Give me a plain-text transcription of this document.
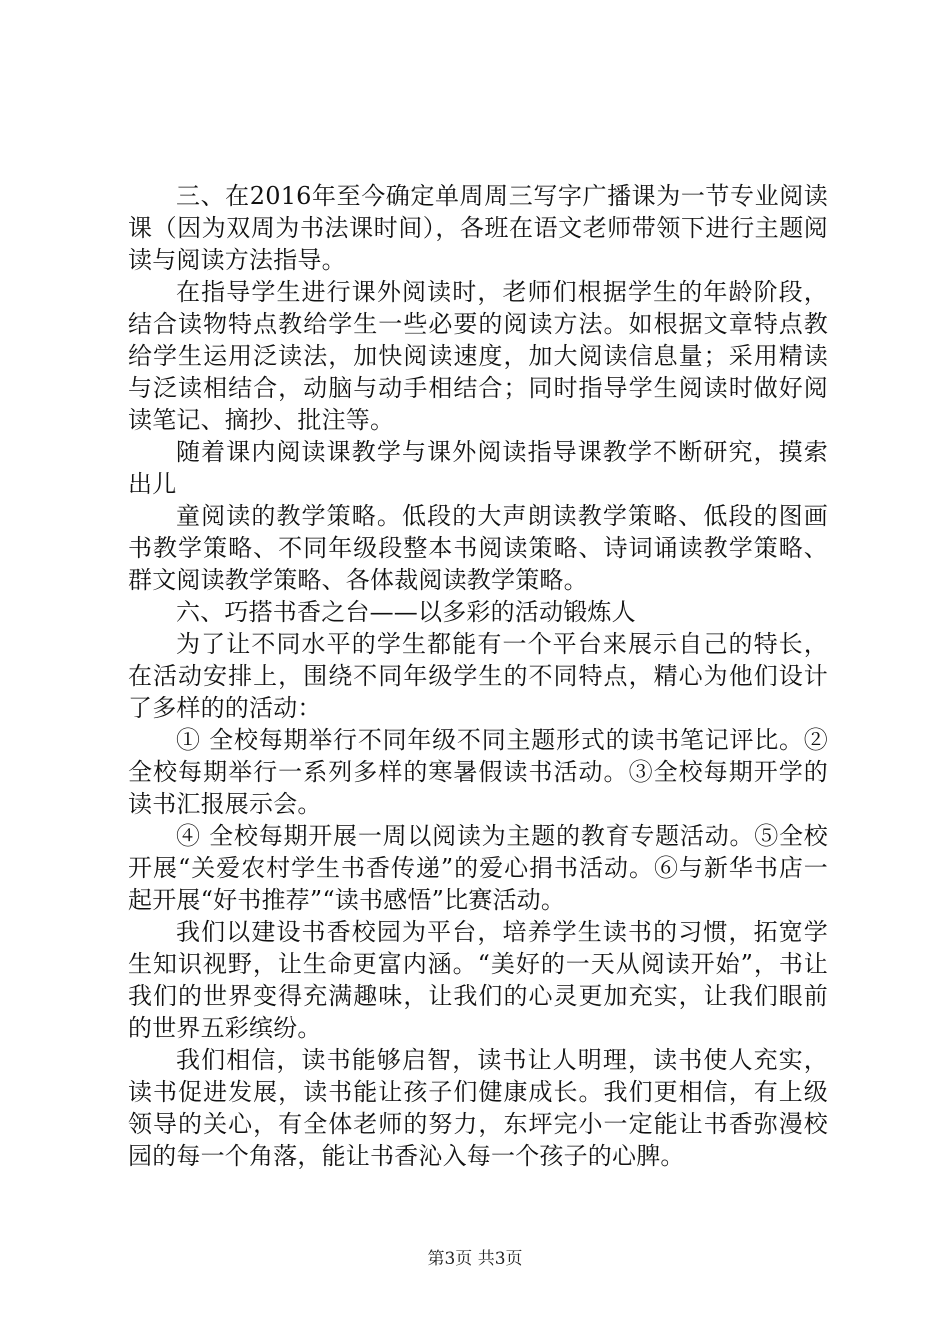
三、在2016年至今确定单周周三写字广播课为一节专业阅读课（因为双周为书法课时间），各班在语文老师带领下进行主题阅读与阅读方法指导。

在指导学生进行课外阅读时，老师们根据学生的年龄阶段，结合读物特点教给学生一些必要的阅读方法。如根据文章特点教给学生运用泛读法，加快阅读速度，加大阅读信息量；采用精读与泛读相结合，动脑与动手相结合；同时指导学生阅读时做好阅读笔记、摘抄、批注等。

随着课内阅读课教学与课外阅读指导课教学不断研究，摸索出儿

童阅读的教学策略。低段的大声朗读教学策略、低段的图画书教学策略、不同年级段整本书阅读策略、诗词诵读教学策略、群文阅读教学策略、各体裁阅读教学策略。

六、巧搭书香之台——以多彩的活动锻炼人

为了让不同水平的学生都能有一个平台来展示自己的特长，在活动安排上，围绕不同年级学生的不同特点，精心为他们设计了多样的的活动：

① 全校每期举行不同年级不同主题形式的读书笔记评比。②全校每期举行一系列多样的寒暑假读书活动。③全校每期开学的读书汇报展示会。

④ 全校每期开展一周以阅读为主题的教育专题活动。⑤全校开展“关爱农村学生书香传递”的爱心捐书活动。⑥与新华书店一起开展“好书推荐”“读书感悟”比赛活动。

我们以建设书香校园为平台，培养学生读书的习惯，拓宽学生知识视野，让生命更富内涵。“美好的一天从阅读开始”，书让我们的世界变得充满趣味，让我们的心灵更加充实，让我们眼前的世界五彩缤纷。

我们相信，读书能够启智，读书让人明理，读书使人充实，读书促进发展，读书能让孩子们健康成长。我们更相信，有上级领导的关心，有全体老师的努力，东坪完小一定能让书香弥漫校园的每一个角落，能让书香沁入每一个孩子的心脾。

第3页 共3页
